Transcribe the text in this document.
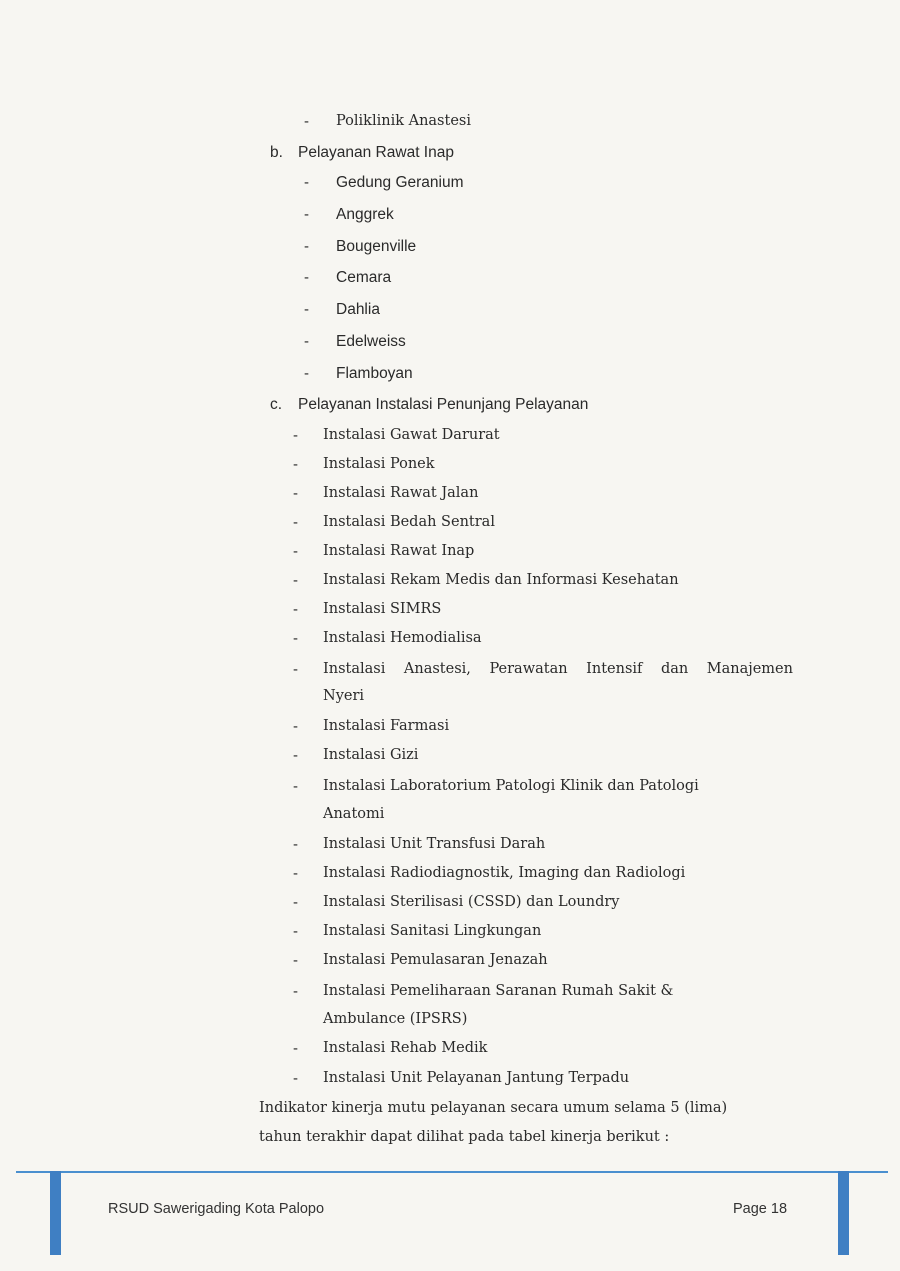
- Poliklinik Anastesi
b. Pelayanan Rawat Inap
- Gedung Geranium
- Anggrek
- Bougenville
- Cemara
- Dahlia
- Edelweiss
- Flamboyan
c. Pelayanan Instalasi Penunjang Pelayanan
- Instalasi Gawat Darurat
- Instalasi Ponek
- Instalasi Rawat Jalan
- Instalasi Bedah Sentral
- Instalasi Rawat Inap
- Instalasi Rekam Medis dan Informasi Kesehatan
- Instalasi SIMRS
- Instalasi Hemodialisa
- Instalasi Anastesi, Perawatan Intensif dan Manajemen
Nyeri
- Instalasi Farmasi
- Instalasi Gizi
- Instalasi Laboratorium Patologi Klinik dan Patologi
Anatomi
- Instalasi Unit Transfusi Darah
- Instalasi Radiodiagnostik, Imaging dan Radiologi
- Instalasi Sterilisasi (CSSD) dan Loundry
- Instalasi Sanitasi Lingkungan
- Instalasi Pemulasaran Jenazah
- Instalasi Pemeliharaan Saranan Rumah Sakit &
Ambulance (IPSRS)
- Instalasi Rehab Medik
- Instalasi Unit Pelayanan Jantung Terpadu
Indikator kinerja mutu pelayanan secara umum selama 5 (lima)
tahun terakhir dapat dilihat pada tabel kinerja berikut :
RSUD Sawerigading Kota Palopo	Page 18
